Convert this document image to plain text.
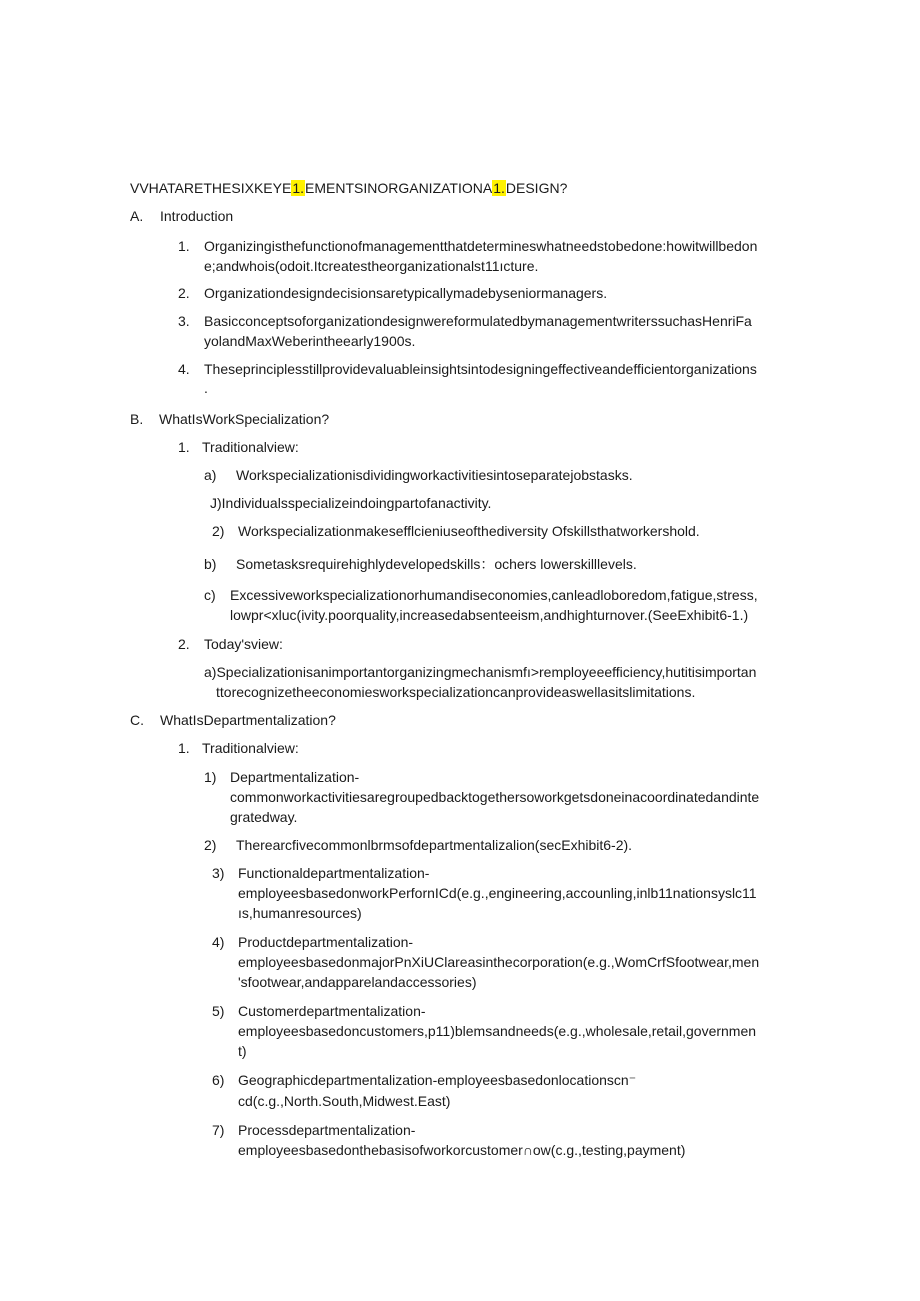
VVHATARETHESIXKEYE1.EMENTSINORGANIZATIONA1.DESIGN?
A. Introduction
1. Organizingisthefunctionofmanagementthatdetermineswhatneedstobedone:howitwillbedon
e;andwhois(odoit.Itcreatestheorganizationalst11ıcture.
2. Organizationdesigndecisionsaretypicallymadebyseniormanagers.
3. BasicconceptsoforganizationdesignwereformulatedbymanagementwriterssuchasHenriFa
yolandMaxWeberintheearly1900s.
4. Theseprinciplesstillprovidevaluableinsightsintodesigningeffectiveandefficientorganizations
.
B. WhatIsWorkSpecialization?
1. Traditionalview:
a) Workspecializationisdividingworkactivitiesintoseparatejobstasks.
J)Individualsspecializeindoingpartofanactivity.
2) Workspecializationmakesefflcieniuseofthediversity Ofskillsthatworkershold.
b) Sometasksrequirehighlydevelopedskills：ochers lowerskilllevels.
c) Excessiveworkspecializationorhumandiseconomies,canleadloboredom,fatigue,stress,
lowpr<xluc(ivity.poorquality,increasedabsenteeism,andhighturnover.(SeeExhibit6-1.)
2. Today'sview:
a)Specializationisanimportantorganizingmechanismfı>remployeeefficiency,hutitisimportan
ttorecognizetheeconomiesworkspecializationcanprovideaswellasitslimitations.
C. WhatIsDepartmentalization?
1. Traditionalview:
1) Departmentalization-
commonworkactivitiesaregroupedbacktogethersoworkgetsdoneinacoordinatedandinte
gratedway.
2) Therearcfivecommonlbrmsofdepartmentalizalion(secExhibit6-2).
3) Functionaldepartmentalization-
employeesbasedonworkPerfornICd(e.g.,engineering,accounling,inlb11nationsyslc11
ıs,humanresources)
4) Productdepartmentalization-
employeesbasedonmajorPnXiUClareasinthecorporation(e.g.,WomCrfSfootwear,men
'sfootwear,andapparelandaccessories)
5) Customerdepartmentalization-
employeesbasedoncustomers,p11)blemsandneeds(e.g.,wholesale,retail,governmen
t)
6) Geographicdepartmentalization-employeesbasedonlocationscn⁻
cd(c.g.,North.South,Midwest.East)
7) Processdepartmentalization-
employeesbasedonthebasisofworkorcustomer∩ow(c.g.,testing,payment)
